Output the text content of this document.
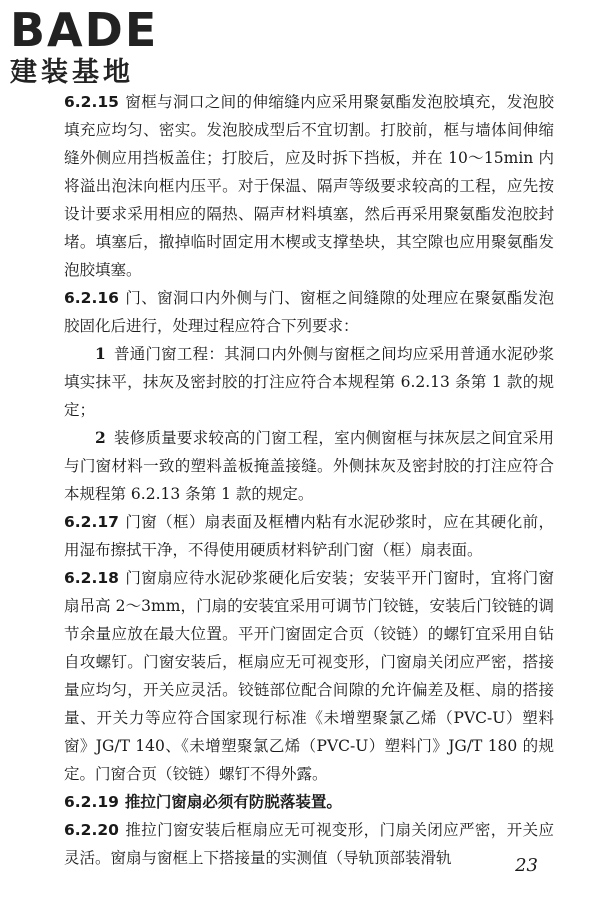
BADE
建装基地

6.2.15 窗框与洞口之间的伸缩缝内应采用聚氨酯发泡胶填充，发泡胶填充应均匀、密实。发泡胶成型后不宜切割。打胶前，框与墙体间伸缩缝外侧应用挡板盖住；打胶后，应及时拆下挡板，并在 10～15min 内将溢出泡沫向框内压平。对于保温、隔声等级要求较高的工程，应先按设计要求采用相应的隔热、隔声材料填塞，然后再采用聚氨酯发泡胶封堵。填塞后，撤掉临时固定用木楔或支撑垫块，其空隙也应用聚氨酯发泡胶填塞。

6.2.16 门、窗洞口内外侧与门、窗框之间缝隙的处理应在聚氨酯发泡胶固化后进行，处理过程应符合下列要求：

1 普通门窗工程：其洞口内外侧与窗框之间均应采用普通水泥砂浆填实抹平，抹灰及密封胶的打注应符合本规程第 6.2.13 条第 1 款的规定；

2 装修质量要求较高的门窗工程，室内侧窗框与抹灰层之间宜采用与门窗材料一致的塑料盖板掩盖接缝。外侧抹灰及密封胶的打注应符合本规程第 6.2.13 条第 1 款的规定。

6.2.17 门窗（框）扇表面及框槽内粘有水泥砂浆时，应在其硬化前，用湿布擦拭干净，不得使用硬质材料铲刮门窗（框）扇表面。

6.2.18 门窗扇应待水泥砂浆硬化后安装；安装平开门窗时，宜将门窗扇吊高 2～3mm，门扇的安装宜采用可调节门铰链，安装后门铰链的调节余量应放在最大位置。平开门窗固定合页（铰链）的螺钉宜采用自钻自攻螺钉。门窗安装后，框扇应无可视变形，门窗扇关闭应严密，搭接量应均匀，开关应灵活。铰链部位配合间隙的允许偏差及框、扇的搭接量、开关力等应符合国家现行标准《未增塑聚氯乙烯（PVC-U）塑料窗》JG/T 140、《未增塑聚氯乙烯（PVC-U）塑料门》JG/T 180 的规定。门窗合页（铰链）螺钉不得外露。

6.2.19 推拉门窗扇必须有防脱落装置。

6.2.20 推拉门窗安装后框扇应无可视变形，门扇关闭应严密，开关应灵活。窗扇与窗框上下搭接量的实测值（导轨顶部装滑轨	23
